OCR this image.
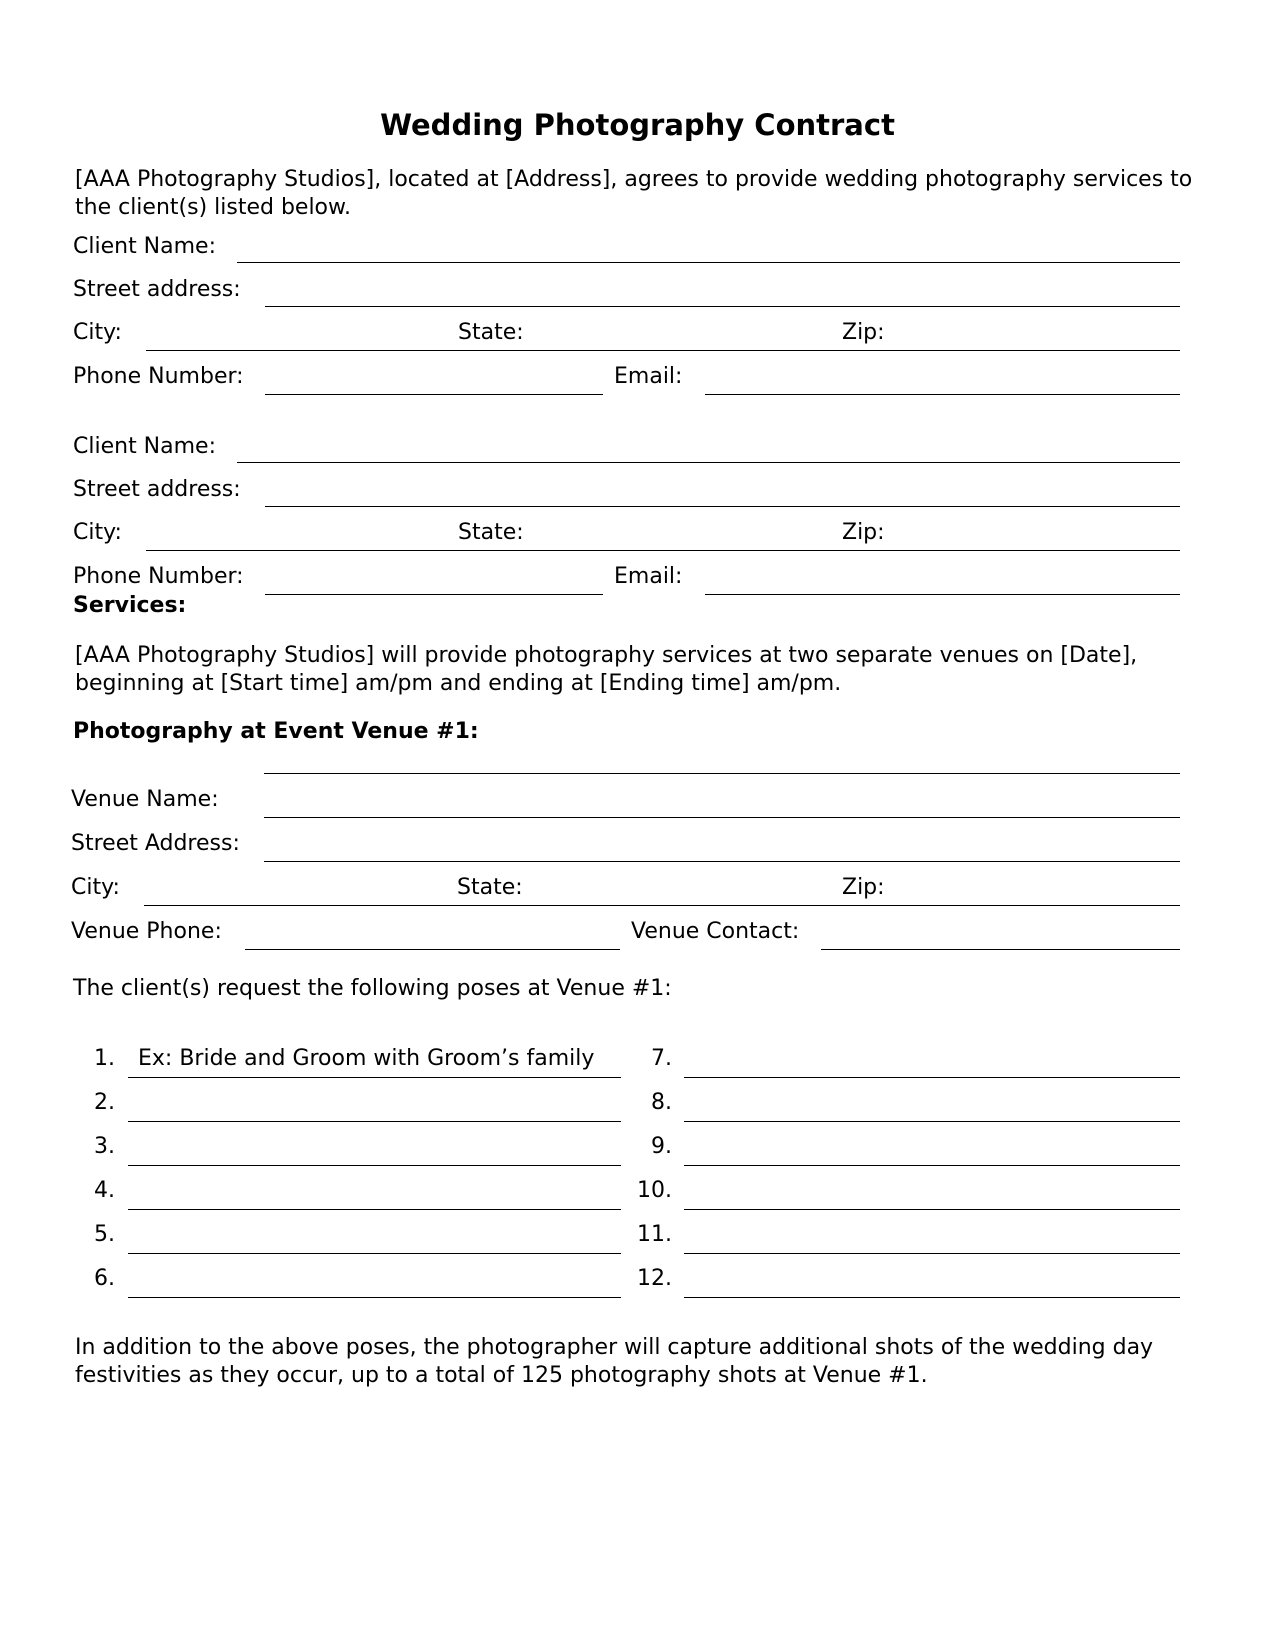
Wedding Photography Contract
[AAA Photography Studios], located at [Address], agrees to provide wedding photography services to the client(s) listed below.
Client Name:
Street address:
City:	State:	Zip:
Phone Number:	Email:
Client Name:
Street address:
City:	State:	Zip:
Phone Number:	Email:
Services:
[AAA Photography Studios] will provide photography services at two separate venues on [Date], beginning at [Start time] am/pm and ending at [Ending time] am/pm.
Photography at Event Venue #1:
Venue Name:
Street Address:
City:	State:	Zip:
Venue Phone:	Venue Contact:
The client(s) request the following poses at Venue #1:
1. Ex: Bride and Groom with Groom’s family
2.
3.
4.
5.
6.
7.
8.
9.
10.
11.
12.
In addition to the above poses, the photographer will capture additional shots of the wedding day festivities as they occur, up to a total of 125 photography shots at Venue #1.
